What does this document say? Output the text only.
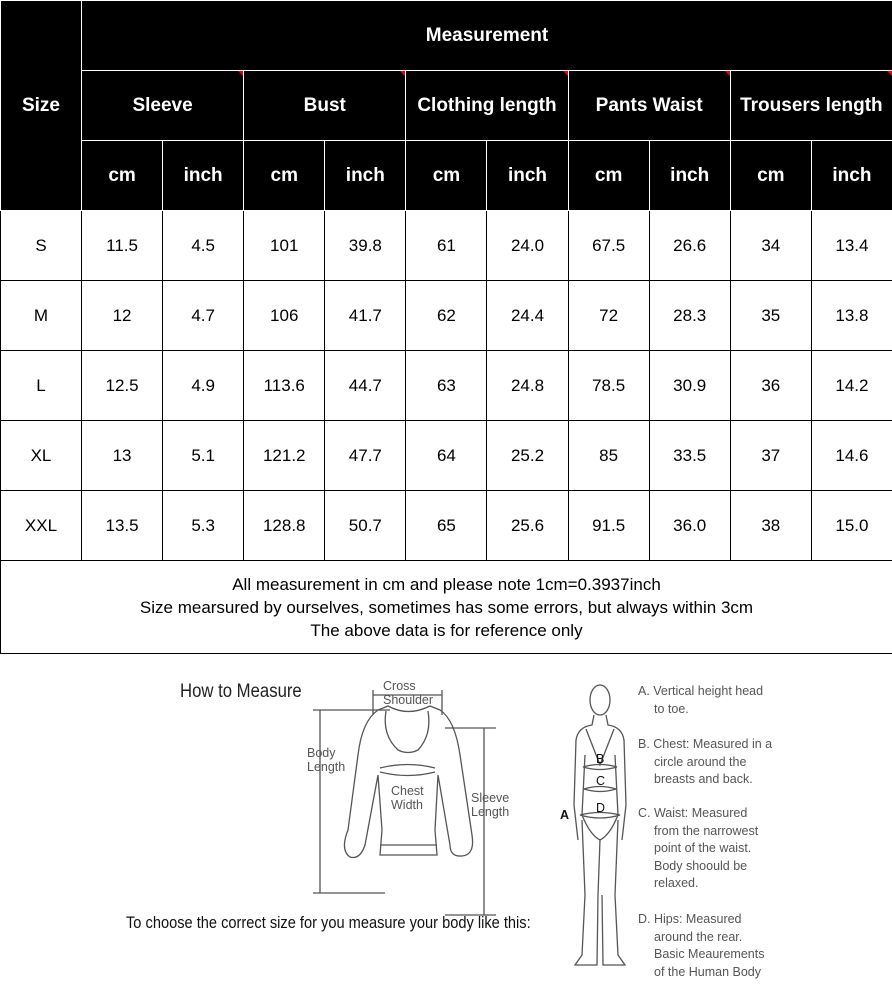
Size	Measurement									
	Sleeve		Bust		Clothing length		Pants Waist		Trousers length	

	cm	inch	cm	inch	cm	inch	cm	inch	cm	inch
S	11.5	4.5	101	39.8	61	24.0	67.5	26.6	34	13.4
M	12	4.7	106	41.7	62	24.4	72	28.3	35	13.8
L	12.5	4.9	113.6	44.7	63	24.8	78.5	30.9	36	14.2
XL	13	5.1	121.2	47.7	64	25.2	85	33.5	37	14.6
XXL	13.5	5.3	128.8	50.7	65	25.6	91.5	36.0	38	15.0

All measurement in cm and please note 1cm=0.3937inch
Size mearsured by ourselves, sometimes has some errors, but always within 3cm
The above data is for reference only										
How to Measure	Cross
Shoulder
Body
Length
Chest
Width	Sleeve
Length	A
B
C
D
A. Vertical height head
to toe.
B. Chest: Measured in a
circle around the
breasts and back.
C. Waist: Measured
from the narrowest
point of the waist.
Body shoould be
relaxed.
D. Hips: Measured
around the rear.
Basic Meaurements
of the Human Body
To choose the correct size for you measure your body like this:
